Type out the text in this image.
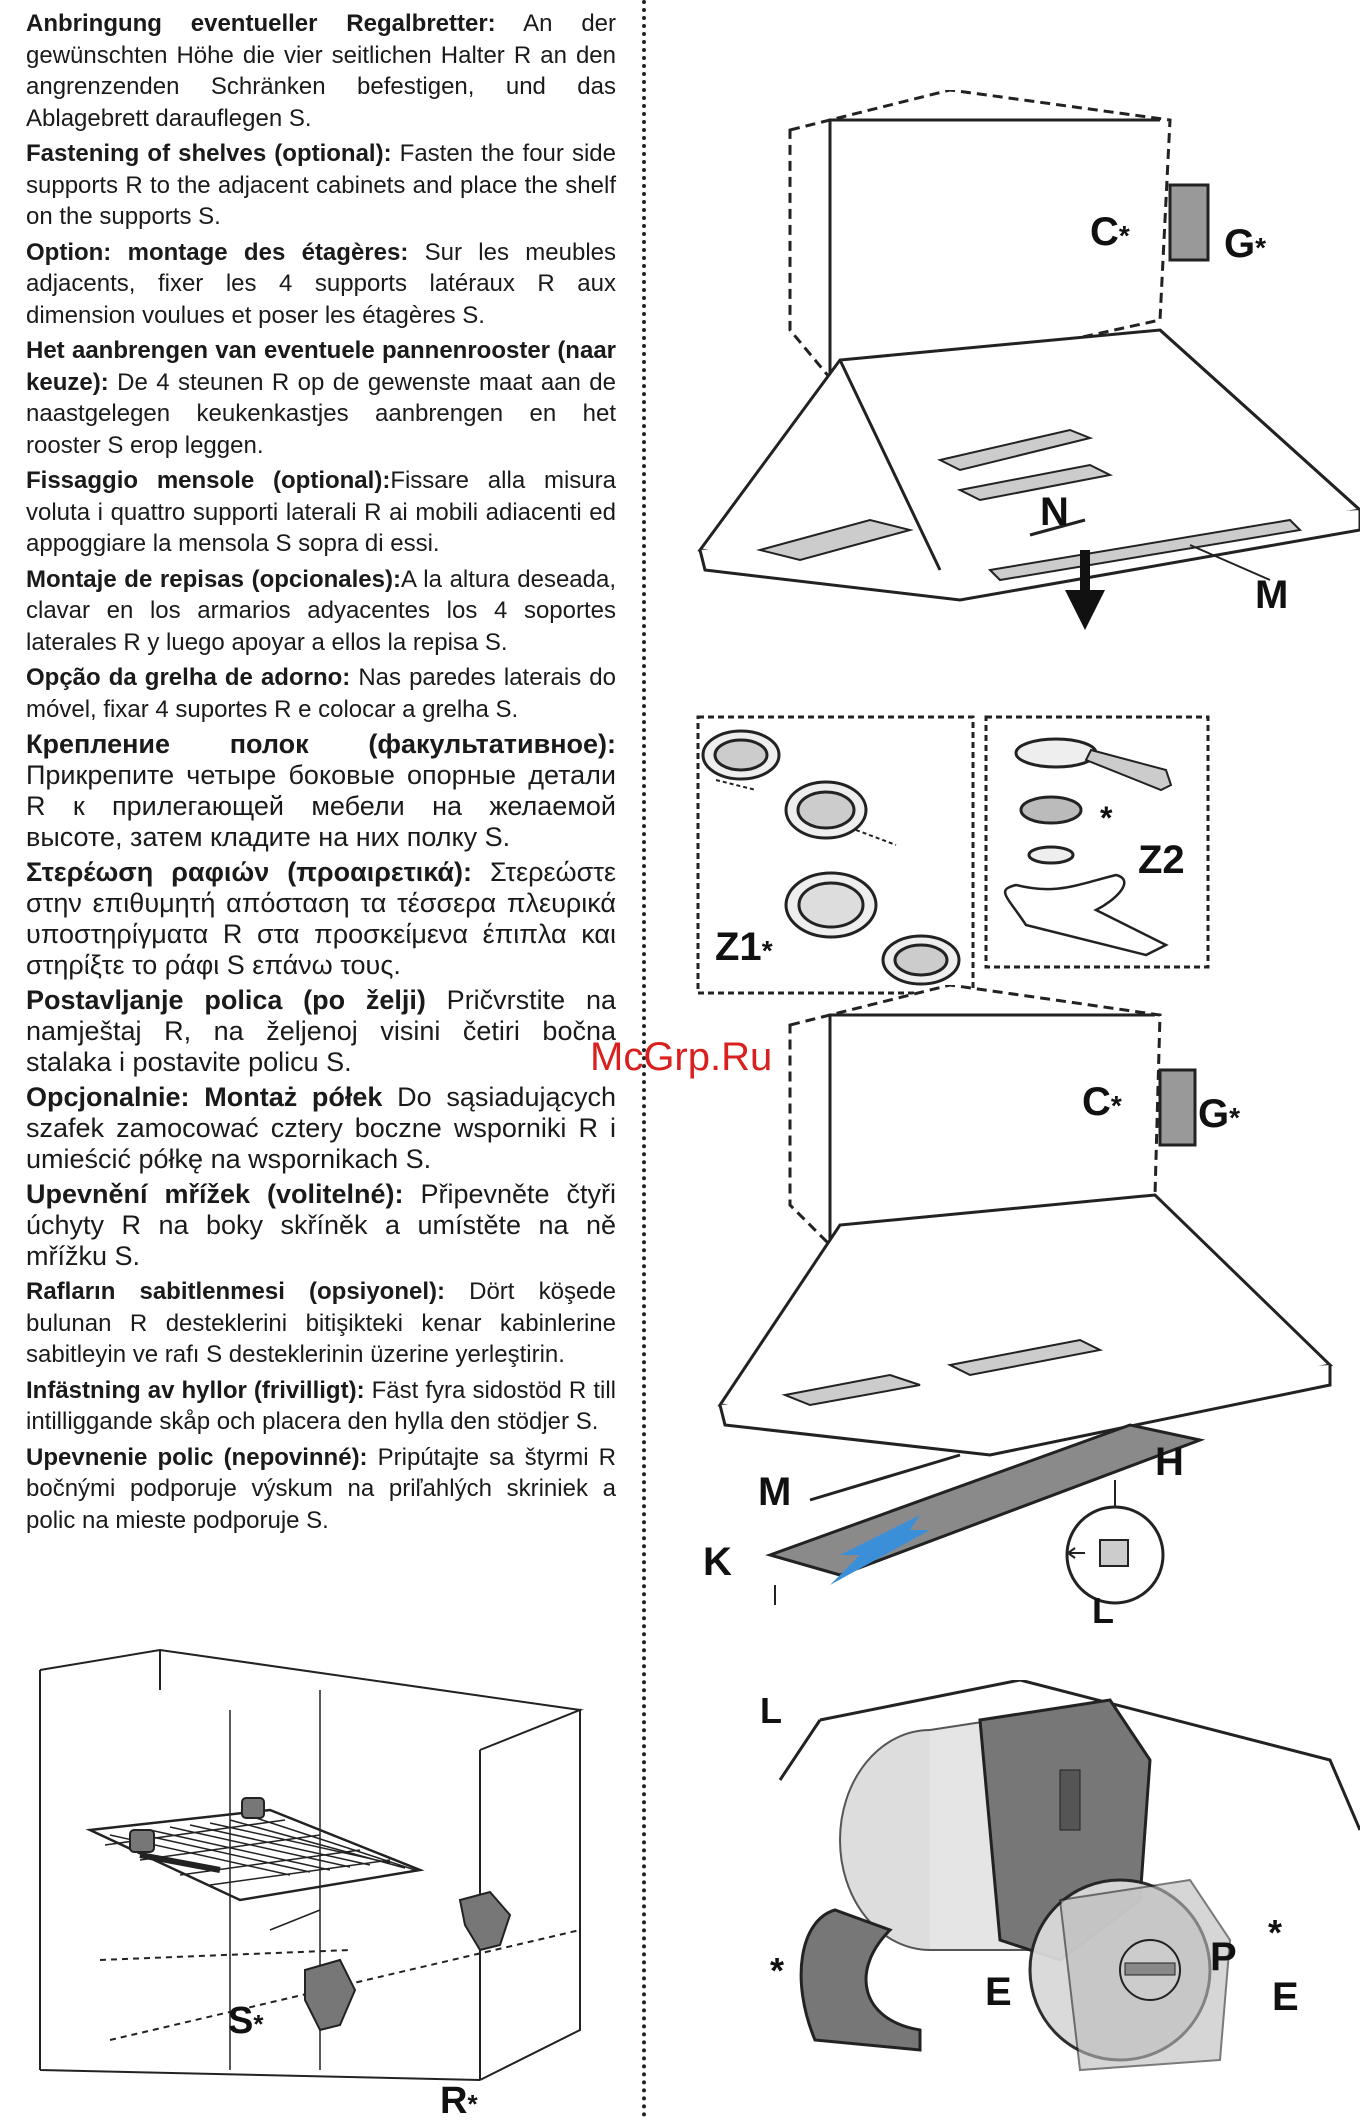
Anbringung eventueller Regalbretter: An der gewünschten Höhe die vier seitlichen Halter R an den angrenzenden Schränken befestigen, und das Ablagebrett darauflegen S.

Fastening of shelves (optional): Fasten the four side supports R to the adjacent cabinets and place the shelf on the supports S.

Option: montage des étagères: Sur les meubles adjacents, fixer les 4 supports latéraux R aux dimension voulues et poser les étagères S.

Het aanbrengen van eventuele pannenrooster (naar keuze): De 4 steunen R op de gewenste maat aan de naastgelegen keukenkastjes aanbrengen en het rooster S erop leggen.

Fissaggio mensole (optional):Fissare alla misura voluta i quattro supporti laterali R ai mobili adiacenti ed appoggiare la mensola S sopra di essi.

Montaje de repisas (opcionales):A la altura deseada, clavar en los armarios adyacentes los 4 soportes laterales R y luego apoyar a ellos la repisa S.

Opção da grelha de adorno: Nas paredes laterais do móvel, fixar 4 suportes R e colocar a grelha S.

Крепление полок (факультативное): Прикрепите четыре боковые опорные детали R к прилегающей мебели на желаемой высоте, затем кладите на них полку S.

Στερέωση ραφιών (προαιρετικά): Στερεώστε στην επιθυμητή απόσταση τα τέσσερα πλευρικά υποστηρίγματα R στα προσκείμενα έπιπλα και στηρίξτε το ράφι S επάνω τους.

Postavljanje polica (po želji) Pričvrstite na namještaj R, na željenoj visini četiri bočna stalaka i postavite policu S.

Opcjonalnie: Montaż półek Do sąsiadujących szafek zamocować cztery boczne wsporniki R i umieścić półkę na wspornikach S.

Upevnění mřížek (volitelné): Připevněte čtyři úchyty R na boky skříněk a umístěte na ně mřížku S.

Rafların sabitlenmesi (opsiyonel): Dört köşede bulunan R desteklerini bitişikteki kenar kabinlerine sabitleyin ve rafı S desteklerinin üzerine yerleştirin.

Infästning av hyllor (frivilligt): Fäst fyra sidostöd R till intilliggande skåp och placera den hylla den stödjer S.

Upevnenie polic (nepovinné): Pripútajte sa štyrmi R bočnými podporuje výskum na priľahlých skriniek a polic na mieste podporuje S.

S*
R*
C* G*
N
M
Z1*
Z2
*
McGrp.Ru
C* G*
M
H
K
L
L
*	E
P
*
E
